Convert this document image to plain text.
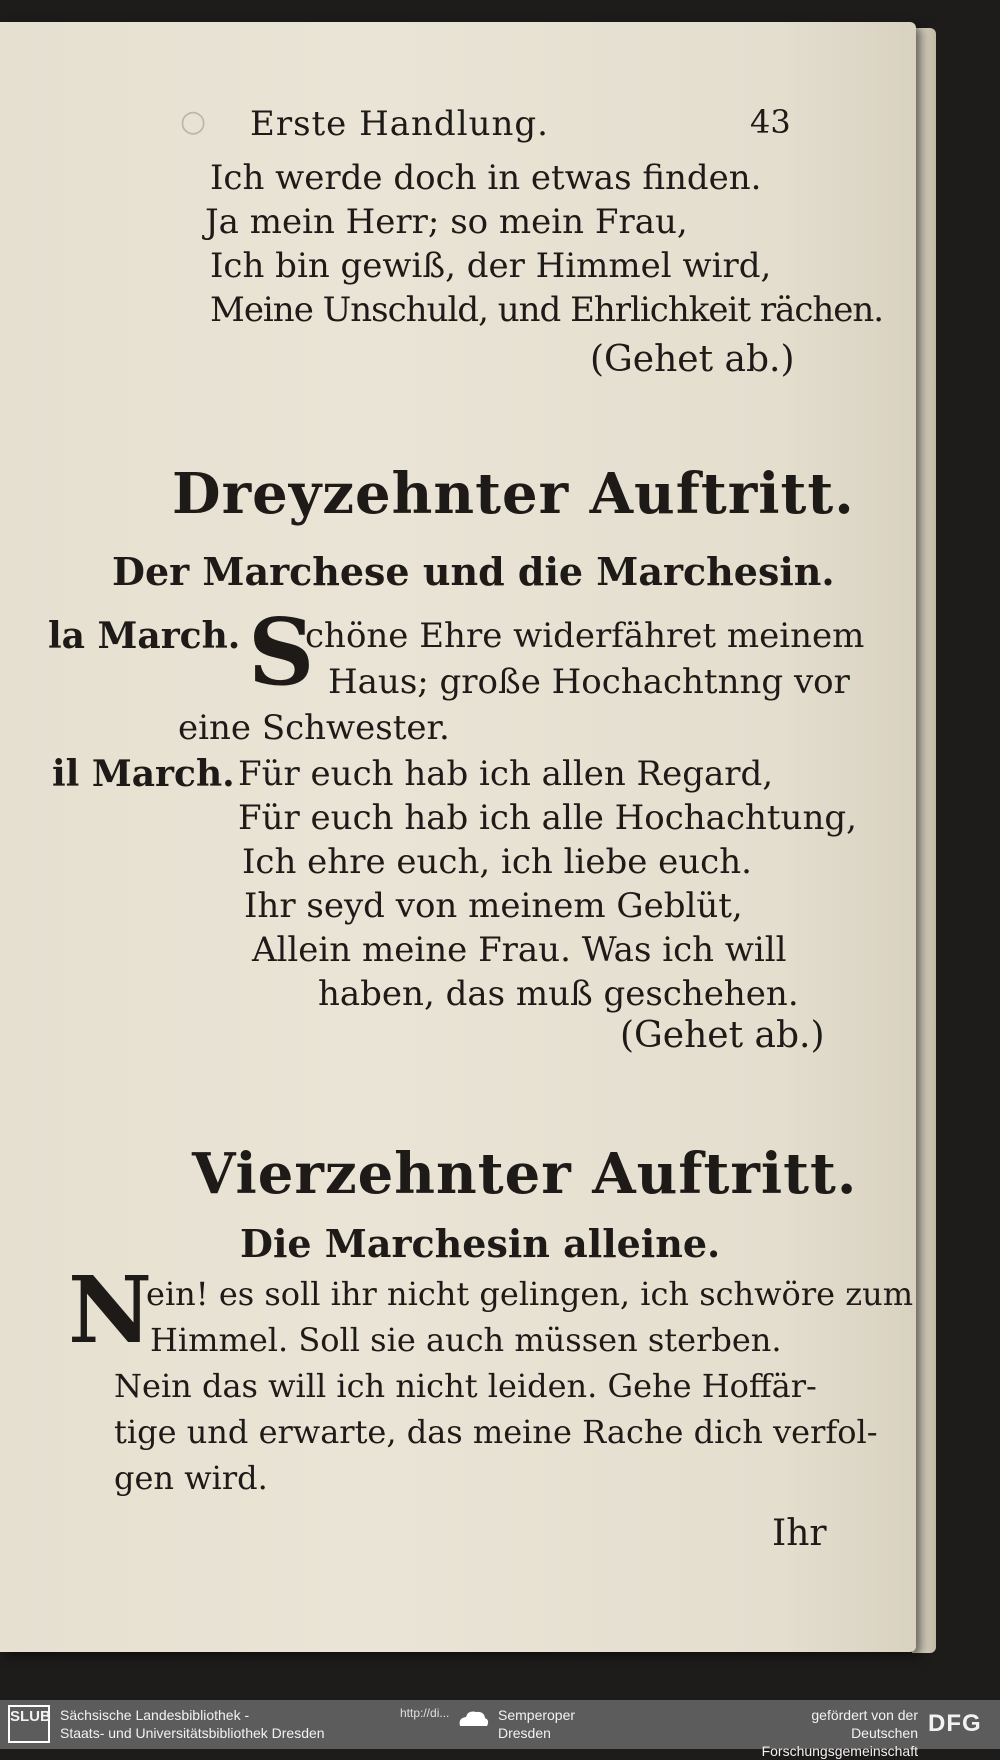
○ Erste Handlung.	43
Ich werde doch in etwas finden.
Ja mein Herr; so mein Frau,
Ich bin gewiß, der Himmel wird,
Meine Unschuld, und Ehrlichkeit rächen.
(Gehet ab.)
Dreyzehnter Auftritt.
Der Marchese und die Marchesin.
la March. S
chöne Ehre widerfähret meinem
Haus; große Hochachtnng vor
eine Schwester.
il March. Für euch hab ich allen Regard,
Für euch hab ich alle Hochachtung,
Ich ehre euch, ich liebe euch.
Ihr seyd von meinem Geblüt,
Allein meine Frau. Was ich will
haben, das muß geschehen.
(Gehet ab.)
Vierzehnter Auftritt.
Die Marchesin alleine.
N
ein! es soll ihr nicht gelingen, ich schwöre zum
Himmel. Soll sie auch müssen sterben.
Nein das will ich nicht leiden. Gehe Hoffär-
tige und erwarte, das meine Rache dich verfol-
gen wird.
Ihr
SLUB Sächsische Landesbibliothek -
Staats- und Universitätsbibliothek Dresden
http://di...	Semperoper
Dresden
gefördert von der
Deutschen Forschungsgemeinschaft
DFG
